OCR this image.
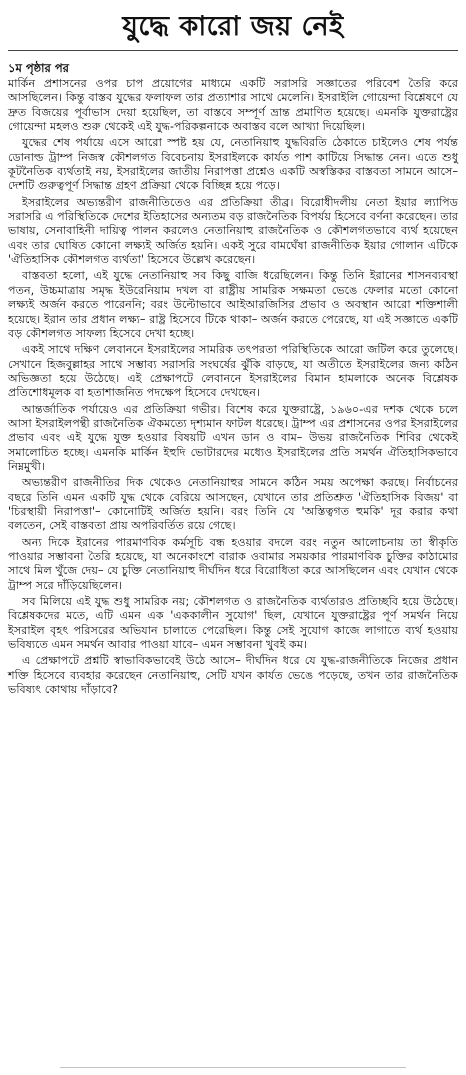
যুদ্ধে কারো জয় নেই
১ম পৃষ্ঠার পর

মার্কিন প্রশাসনের ওপর চাপ প্রয়োগের মাধ্যমে একটি সরাসরি সজ্ঞাতের পরিবেশ তৈরি করে আসছিলেন। কিন্তু বাস্তব যুদ্ধের ফলাফল তার প্রত্যাশার সাথে মেলেনি। ইসরাইলি গোয়েন্দা বিশ্লেষণে যে দ্রুত বিজয়ের পূর্বাভাস দেয়া হয়েছিল, তা বাস্তবে সম্পূর্ণ ভ্রান্ত প্রমাণিত হয়েছে। এমনকি যুক্তরাষ্ট্রের গোয়েন্দা মহলও শুরু থেকেই এই যুদ্ধ-পরিকল্পনাকে অবাস্তব বলে আখ্যা দিয়েছিল।

যুদ্ধের শেষ পর্যায়ে এসে আরো স্পষ্ট হয় যে, নেতানিয়াহু যুদ্ধবিরতি ঠেকাতে চাইলেও শেষ পর্যন্ত ডোনাল্ড ট্রাম্প নিজস্ব কৌশলগত বিবেচনায় ইসরাইলকে কার্যত পাশ কাটিয়ে সিদ্ধান্ত নেন। এতে শুধু কূটনৈতিক ব্যর্থতাই নয়, ইসরাইলের জাতীয় নিরাপত্তা প্রশ্নেও একটি অস্বস্তিকর বাস্তবতা সামনে আসে– দেশটি গুরুত্বপূর্ণ সিদ্ধান্ত গ্রহণ প্রক্রিয়া থেকে বিচ্ছিন্ন হয়ে পড়ে।

ইসরাইলের অভ্যন্তরীণ রাজনীতিতেও এর প্রতিক্রিয়া তীব্র। বিরোধীদলীয় নেতা ইয়ার ল্যাপিড সরাসরি এ পরিস্থিতিকে দেশের ইতিহাসের অন্যতম বড় রাজনৈতিক বিপর্যয় হিসেবে বর্ণনা করেছেন। তার ভাষায়, সেনাবাহিনী দায়িত্ব পালন করলেও নেতানিয়াহু রাজনৈতিক ও কৌশলগতভাবে ব্যর্থ হয়েছেন এবং তার ঘোষিত কোনো লক্ষ্যই অর্জিত হয়নি। একই সুরে বামঘেঁষা রাজনীতিক ইয়ার গোলান এটিকে 'ঐতিহাসিক কৌশলগত ব্যর্থতা' হিসেবে উল্লেখ করেছেন।

বাস্তবতা হলো, এই যুদ্ধে নেতানিয়াহু সব কিছু বাজি ধরেছিলেন। কিন্তু তিনি ইরানের শাসনব্যবস্থা পতন, উচ্চমাত্রায় সমৃদ্ধ ইউরেনিয়াম দখল বা রাষ্ট্রীয় সামরিক সক্ষমতা ভেঙে ফেলার মতো কোনো লক্ষ্যই অর্জন করতে পারেননি; বরং উল্টোভাবে আইআরজিসির প্রভাব ও অবস্থান আরো শক্তিশালী হয়েছে। ইরান তার প্রধান লক্ষ্য– রাষ্ট্র হিসেবে টিকে থাকা– অর্জন করতে পেরেছে, যা এই সজ্ঞাতে একটি বড় কৌশলগত সাফল্য হিসেবে দেখা হচ্ছে।

একই সাথে দক্ষিণ লেবাননে ইসরাইলের সামরিক তৎপরতা পরিস্থিতিকে আরো জটিল করে তুলেছে। সেখানে হিজবুল্লাহর সাথে সম্ভাব্য সরাসরি সংঘর্ষের ঝুঁকি বাড়ছে, যা অতীতে ইসরাইলের জন্য কঠিন অভিজ্ঞতা হয়ে উঠেছে। এই প্রেক্ষাপটে লেবাননে ইসরাইলের বিমান হামলাকে অনেক বিশ্লেষক প্রতিশোধমূলক বা হতাশাজনিত পদক্ষেপ হিসেবে দেখছেন।

আন্তর্জাতিক পর্যায়েও এর প্রতিক্রিয়া গভীর। বিশেষ করে যুক্তরাষ্ট্রে, ১৯৬০-এর দশক থেকে চলে আসা ইসরাইলপন্থী রাজনৈতিক ঐকমত্যে দৃশ্যমান ফাটল ধরেছে। ট্রাম্প এর প্রশাসনের ওপর ইসরাইলের প্রভাব এবং এই যুদ্ধে যুক্ত হওয়ার বিষয়টি এখন ডান ও বাম– উভয় রাজনৈতিক শিবির থেকেই সমালোচিত হচ্ছে। এমনকি মার্কিন ইহুদি ভোটারদের মধ্যেও ইসরাইলের প্রতি সমর্থন ঐতিহাসিকভাবে নিম্নমুখী।

অভ্যন্তরীণ রাজনীতির দিক থেকেও নেতানিয়াহুর সামনে কঠিন সময় অপেক্ষা করছে। নির্বাচনের বছরে তিনি এমন একটি যুদ্ধ থেকে বেরিয়ে আসছেন, যেখানে তার প্রতিশ্রুত 'ঐতিহাসিক বিজয়' বা 'চিরস্থায়ী নিরাপত্তা'– কোনোটিই অর্জিত হয়নি। বরং তিনি যে 'অস্তিত্বগত হুমকি' দূর করার কথা বলতেন, সেই বাস্তবতা প্রায় অপরিবর্তিত রয়ে গেছে।

অন্য দিকে ইরানের পারমাণবিক কর্মসূচি বন্ধ হওয়ার বদলে বরং নতুন আলোচনায় তা স্বীকৃতি পাওয়ার সম্ভাবনা তৈরি হয়েছে, যা অনেকাংশে বারাক ওবামার সময়কার পারমাণবিক চুক্তির কাঠামোর সাথে মিল খুঁজে দেয়– যে চুক্তি নেতানিয়াহু দীর্ঘদিন ধরে বিরোধিতা করে আসছিলেন এবং যেখান থেকে ট্রাম্প সরে দাঁড়িয়েছিলেন।

সব মিলিয়ে এই যুদ্ধ শুধু সামরিক নয়; কৌশলগত ও রাজনৈতিক ব্যর্থতারও প্রতিচ্ছবি হয়ে উঠেছে। বিশ্লেষকদের মতে, এটি এমন এক 'এককালীন সুযোগ' ছিল, যেখানে যুক্তরাষ্ট্রের পূর্ণ সমর্থন নিয়ে ইসরাইল বৃহৎ পরিসরের অভিযান চালাতে পেরেছিল। কিন্তু সেই সুযোগ কাজে লাগাতে ব্যর্থ হওয়ায় ভবিষ্যতে এমন সমর্থন আবার পাওয়া যাবে– এমন সম্ভাবনা খুবই কম।

এ প্রেক্ষাপটে প্রশ্নটি স্বাভাবিকভাবেই উঠে আসে– দীর্ঘদিন ধরে যে যুদ্ধ-রাজনীতিকে নিজের প্রধান শক্তি হিসেবে ব্যবহার করেছেন নেতানিয়াহু, সেটি যখন কার্যত ভেঙে পড়েছে, তখন তার রাজনৈতিক ভবিষ্যৎ কোথায় দাঁড়াবে?
